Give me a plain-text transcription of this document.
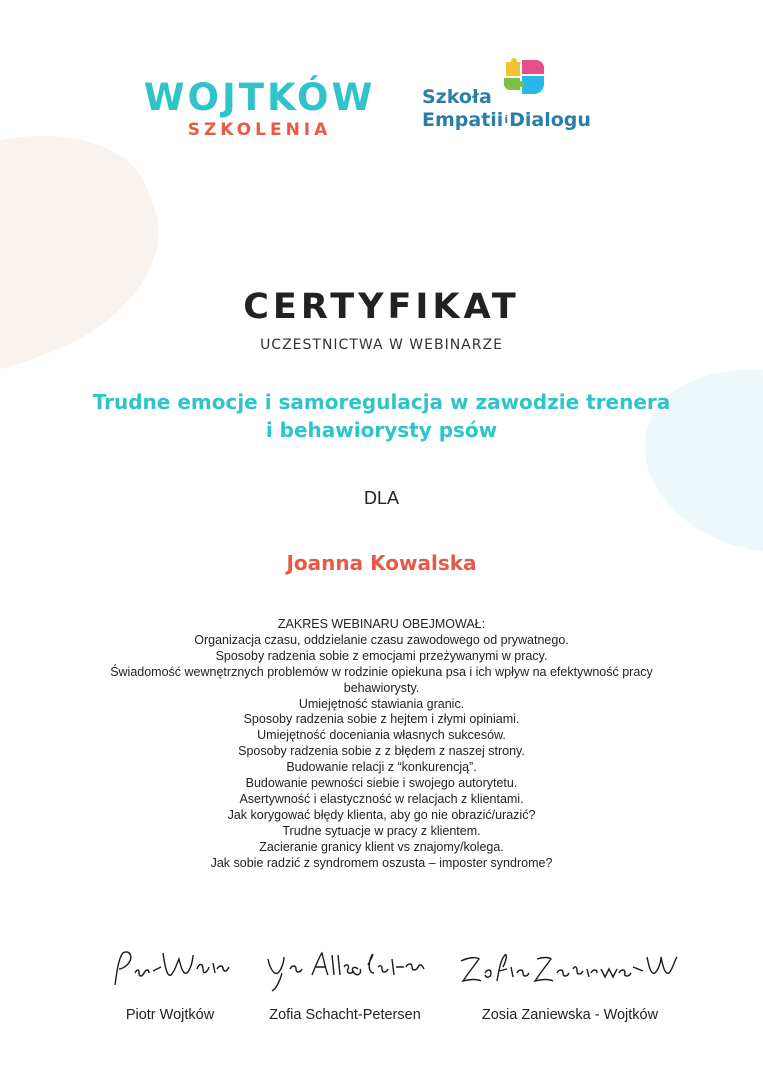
WOJTKÓW
SZKOLENIA
Szkoła
EmpatiiiDialogu
CERTYFIKAT
UCZESTNICTWA W WEBINARZE
Trudne emocje i samoregulacja w zawodzie trenera
i behawiorysty psów
DLA
Joanna Kowalska
ZAKRES WEBINARU OBEJMOWAŁ:
Organizacja czasu, oddzielanie czasu zawodowego od prywatnego.
Sposoby radzenia sobie z emocjami przeżywanymi w pracy.
Świadomość wewnętrznych problemów w rodzinie opiekuna psa i ich wpływ na efektywność pracy
behawiorysty.
Umiejętność stawiania granic.
Sposoby radzenia sobie z hejtem i złymi opiniami.
Umiejętność doceniania własnych sukcesów.
Sposoby radzenia sobie z z błędem z naszej strony.
Budowanie relacji z “konkurencją”.
Budowanie pewności siebie i swojego autorytetu.
Asertywność i elastyczność w relacjach z klientami.
Jak korygować błędy klienta, aby go nie obrazić/urazić?
Trudne sytuacje w pracy z klientem.
Zacieranie granicy klient vs znajomy/kolega.
Jak sobie radzić z syndromem oszusta – imposter syndrome?
Piotr Wojtków	Zofia Schacht-Petersen	Zosia Zaniewska - Wojtków
